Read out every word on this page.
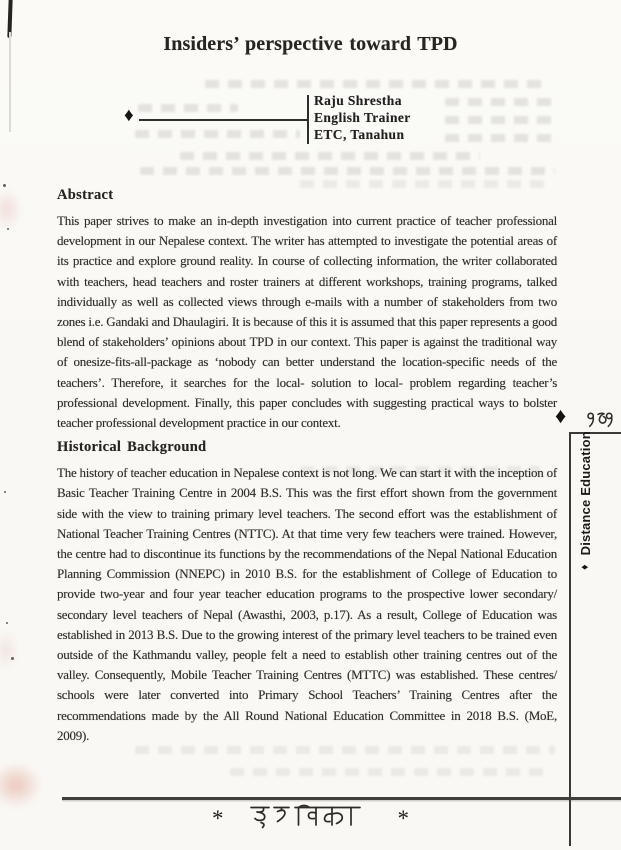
Insiders’ perspective toward TPD
♦
Raju Shrestha
English Trainer
ETC, Tanahun
Abstract

This paper strives to make an in-depth investigation into current practice of teacher professional development in our Nepalese context. The writer has attempted to investigate the potential areas of its practice and explore ground reality. In course of collecting information, the writer collaborated with teachers, head teachers and roster trainers at different workshops, training programs, talked individually as well as collected views through e-mails with a number of stakeholders from two zones i.e. Gandaki and Dhaulagiri. It is because of this it is assumed that this paper represents a good blend of stakeholders’ opinions about TPD in our context. This paper is against the traditional way of onesize-fits-all-package as ‘nobody can better understand the location-specific needs of the teachers’. Therefore, it searches for the local- solution to local- problem regarding teacher’s professional development. Finally, this paper concludes with suggesting practical ways to bolster teacher professional development practice in our context.

Historical Background

The history of teacher education in Nepalese context is not long. We can start it with the inception of Basic Teacher Training Centre in 2004 B.S. This was the first effort shown from the government side with the view to training primary level teachers. The second effort was the establishment of National Teacher Training Centres (NTTC). At that time very few teachers were trained. However, the centre had to discontinue its functions by the recommendations of the Nepal National Education Planning Commission (NNEPC) in 2010 B.S. for the establishment of College of Education to provide two-year and four year teacher education programs to the prospective lower secondary/ secondary level teachers of Nepal (Awasthi, 2003, p.17). As a result, College of Education was established in 2013 B.S. Due to the growing interest of the primary level teachers to be trained even outside of the Kathmandu valley, people felt a need to establish other training centres out of the valley. Consequently, Mobile Teacher Training Centres (MTTC) was established. These centres/ schools were later converted into Primary School Teachers’ Training Centres after the recommendations made by the All Round National Education Committee in 2018 B.S. (MoE, 2009).

♦
♦
Distance Education
*	*
